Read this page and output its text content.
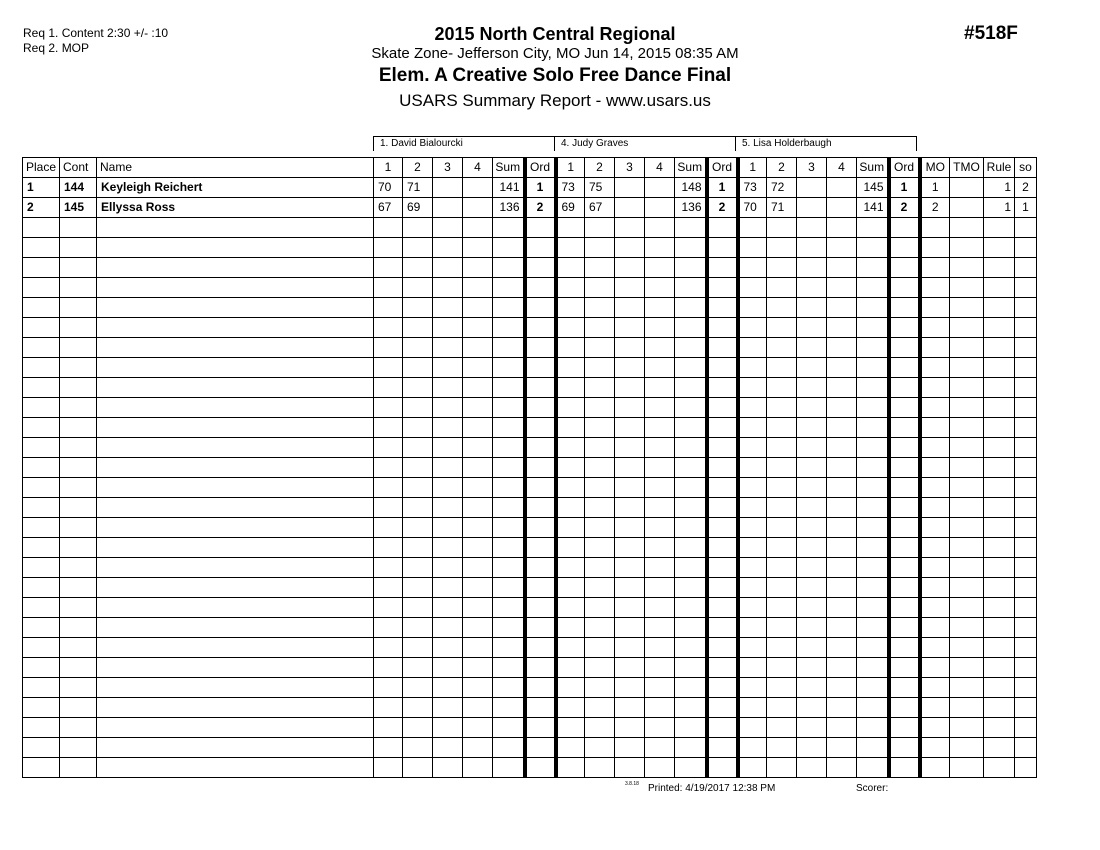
Req 1. Content 2:30 +/- :10
Req 2. MOP
#518F
2015 North Central Regional
Skate Zone- Jefferson City, MO Jun 14, 2015 08:35 AM
Elem. A Creative Solo Free Dance Final
USARS Summary Report - www.usars.us
1. David Bialourcki	4. Judy Graves	5. Lisa Holderbaugh
Place	Cont	Name	1	2	3	4	Sum	Ord	1	2	3	4	Sum	Ord	1	2	3	4	Sum	Ord	MO	TMO	Rule	so
1	144	Keyleigh Reichert	70	71			141	1	73	75			148	1	73	72			145	1	1		1	2
2	145	Ellyssa Ross	67	69			136	2	69	67			136	2	70	71			141	2	2		1	1

3.8.18 Printed: 4/19/2017 12:38 PM	Scorer:
